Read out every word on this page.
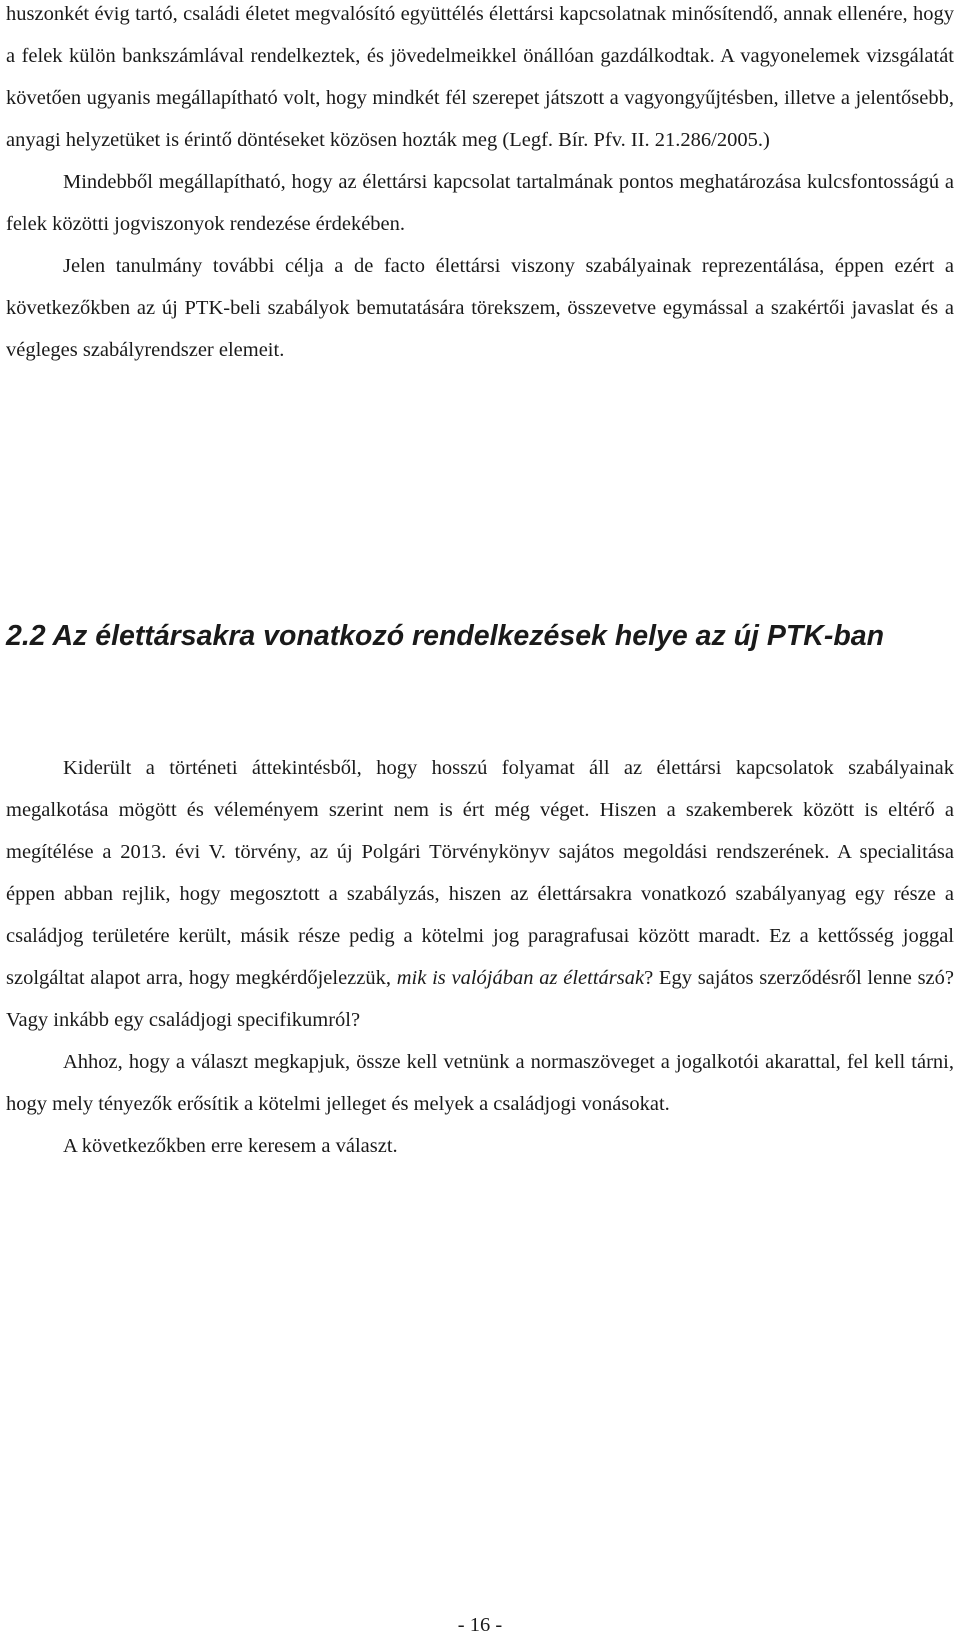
huszonkét évig tartó, családi életet megvalósító együttélés élettársi kapcsolatnak minősítendő, annak ellenére, hogy a felek külön bankszámlával rendelkeztek, és jövedelmeikkel önállóan gazdálkodtak. A vagyonelemek vizsgálatát követően ugyanis megállapítható volt, hogy mindkét fél szerepet játszott a vagyongyűjtésben, illetve a jelentősebb, anyagi helyzetüket is érintő döntéseket közösen hozták meg (Legf. Bír. Pfv. II. 21.286/2005.)

Mindebből megállapítható, hogy az élettársi kapcsolat tartalmának pontos meghatározása kulcsfontosságú a felek közötti jogviszonyok rendezése érdekében.

Jelen tanulmány további célja a de facto élettársi viszony szabályainak reprezentálása, éppen ezért a következőkben az új PTK-beli szabályok bemutatására törekszem, összevetve egymással a szakértői javaslat és a végleges szabályrendszer elemeit.

2.2 Az élettársakra vonatkozó rendelkezések helye az új PTK-ban

Kiderült a történeti áttekintésből, hogy hosszú folyamat áll az élettársi kapcsolatok szabályainak megalkotása mögött és véleményem szerint nem is ért még véget. Hiszen a szakemberek között is eltérő a megítélése a 2013. évi V. törvény, az új Polgári Törvénykönyv sajátos megoldási rendszerének. A specialitása éppen abban rejlik, hogy megosztott a szabályzás, hiszen az élettársakra vonatkozó szabályanyag egy része a családjog területére került, másik része pedig a kötelmi jog paragrafusai között maradt. Ez a kettősség joggal szolgáltat alapot arra, hogy megkérdőjelezzük, mik is valójában az élettársak? Egy sajátos szerződésről lenne szó? Vagy inkább egy családjogi specifikumról?

Ahhoz, hogy a választ megkapjuk, össze kell vetnünk a normaszöveget a jogalkotói akarattal, fel kell tárni, hogy mely tényezők erősítik a kötelmi jelleget és melyek a családjogi vonásokat.

A következőkben erre keresem a választ.

- 16 -
